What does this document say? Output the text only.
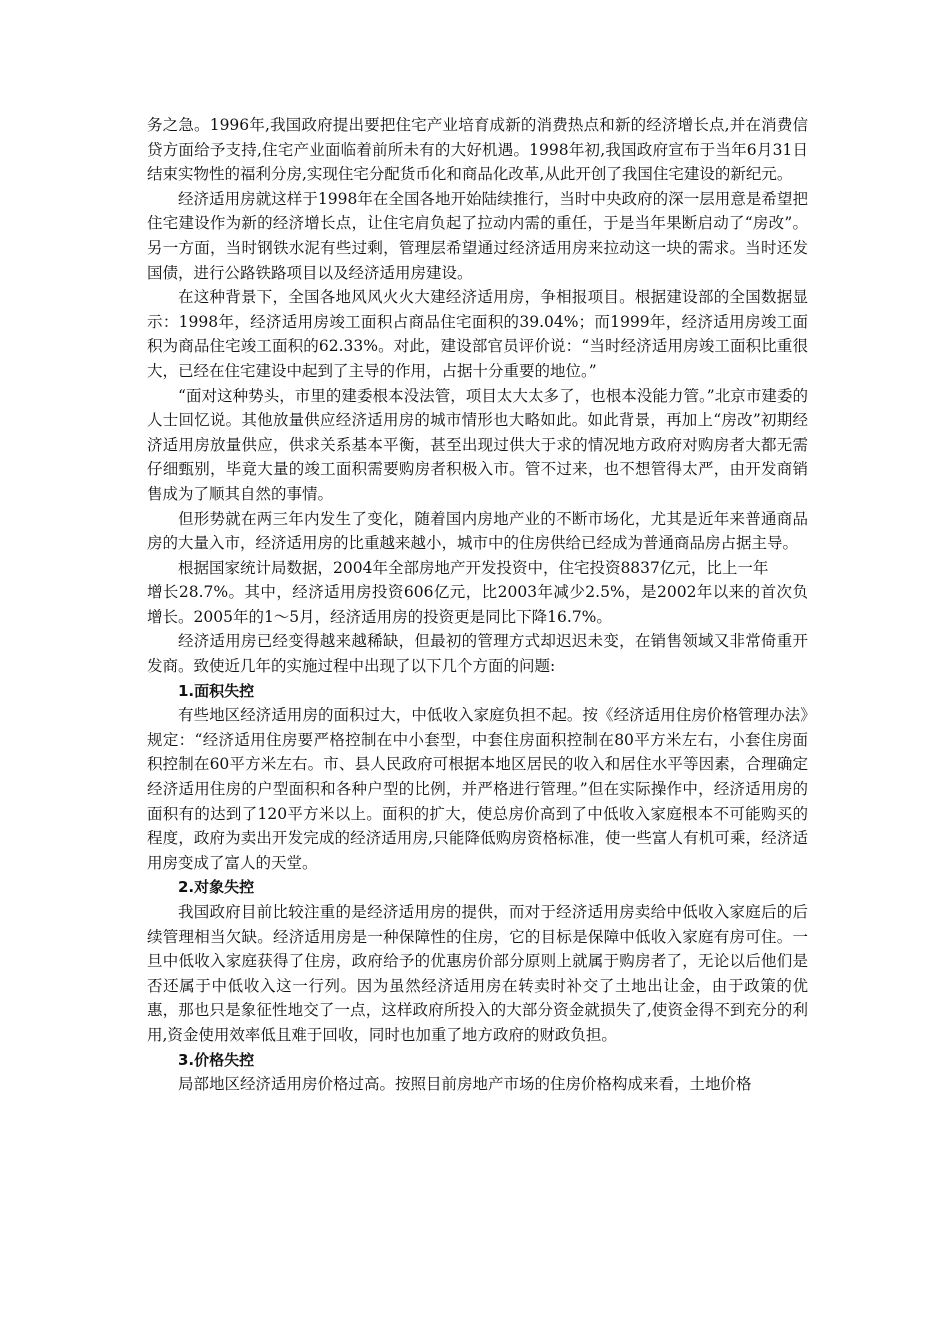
务之急。1996年,我国政府提出要把住宅产业培育成新的消费热点和新的经济增长点,并在消费信贷方面给予支持,住宅产业面临着前所未有的大好机遇。1998年初,我国政府宣布于当年6月31日结束实物性的福利分房,实现住宅分配货币化和商品化改革,从此开创了我国住宅建设的新纪元。

经济适用房就这样于1998年在全国各地开始陆续推行，当时中央政府的深一层用意是希望把住宅建设作为新的经济增长点，让住宅肩负起了拉动内需的重任，于是当年果断启动了“房改”。另一方面，当时钢铁水泥有些过剩，管理层希望通过经济适用房来拉动这一块的需求。当时还发国债，进行公路铁路项目以及经济适用房建设。

在这种背景下，全国各地风风火火大建经济适用房，争相报项目。根据建设部的全国数据显示：1998年，经济适用房竣工面积占商品住宅面积的39.04%；而1999年，经济适用房竣工面积为商品住宅竣工面积的62.33%。对此，建设部官员评价说：“当时经济适用房竣工面积比重很大，已经在住宅建设中起到了主导的作用，占据十分重要的地位。”

“面对这种势头，市里的建委根本没法管，项目太大太多了，也根本没能力管。”北京市建委的人士回忆说。其他放量供应经济适用房的城市情形也大略如此。如此背景，再加上“房改”初期经济适用房放量供应，供求关系基本平衡，甚至出现过供大于求的情况地方政府对购房者大都无需仔细甄别，毕竟大量的竣工面积需要购房者积极入市。管不过来，也不想管得太严，由开发商销售成为了顺其自然的事情。

但形势就在两三年内发生了变化，随着国内房地产业的不断市场化，尤其是近年来普通商品房的大量入市，经济适用房的比重越来越小，城市中的住房供给已经成为普通商品房占据主导。

根据国家统计局数据，2004年全部房地产开发投资中，住宅投资8837亿元，比上一年

增长28.7%。其中，经济适用房投资606亿元，比2003年减少2.5%，是2002年以来的首次负增长。2005年的1～5月，经济适用房的投资更是同比下降16.7%。

经济适用房已经变得越来越稀缺，但最初的管理方式却迟迟未变，在销售领域又非常倚重开发商。致使近几年的实施过程中出现了以下几个方面的问题:

1.面积失控

有些地区经济适用房的面积过大，中低收入家庭负担不起。按《经济适用住房价格管理办法》规定：“经济适用住房要严格控制在中小套型，中套住房面积控制在80平方米左右，小套住房面积控制在60平方米左右。市、县人民政府可根据本地区居民的收入和居住水平等因素，合理确定经济适用住房的户型面积和各种户型的比例，并严格进行管理。”但在实际操作中，经济适用房的面积有的达到了120平方米以上。面积的扩大，使总房价高到了中低收入家庭根本不可能购买的程度，政府为卖出开发完成的经济适用房,只能降低购房资格标准，使一些富人有机可乘，经济适用房变成了富人的天堂。

2.对象失控

我国政府目前比较注重的是经济适用房的提供，而对于经济适用房卖给中低收入家庭后的后续管理相当欠缺。经济适用房是一种保障性的住房，它的目标是保障中低收入家庭有房可住。一旦中低收入家庭获得了住房，政府给予的优惠房价部分原则上就属于购房者了，无论以后他们是否还属于中低收入这一行列。因为虽然经济适用房在转卖时补交了土地出让金，由于政策的优惠，那也只是象征性地交了一点，这样政府所投入的大部分资金就损失了,使资金得不到充分的利用,资金使用效率低且难于回收，同时也加重了地方政府的财政负担。

3.价格失控

局部地区经济适用房价格过高。按照目前房地产市场的住房价格构成来看，土地价格
